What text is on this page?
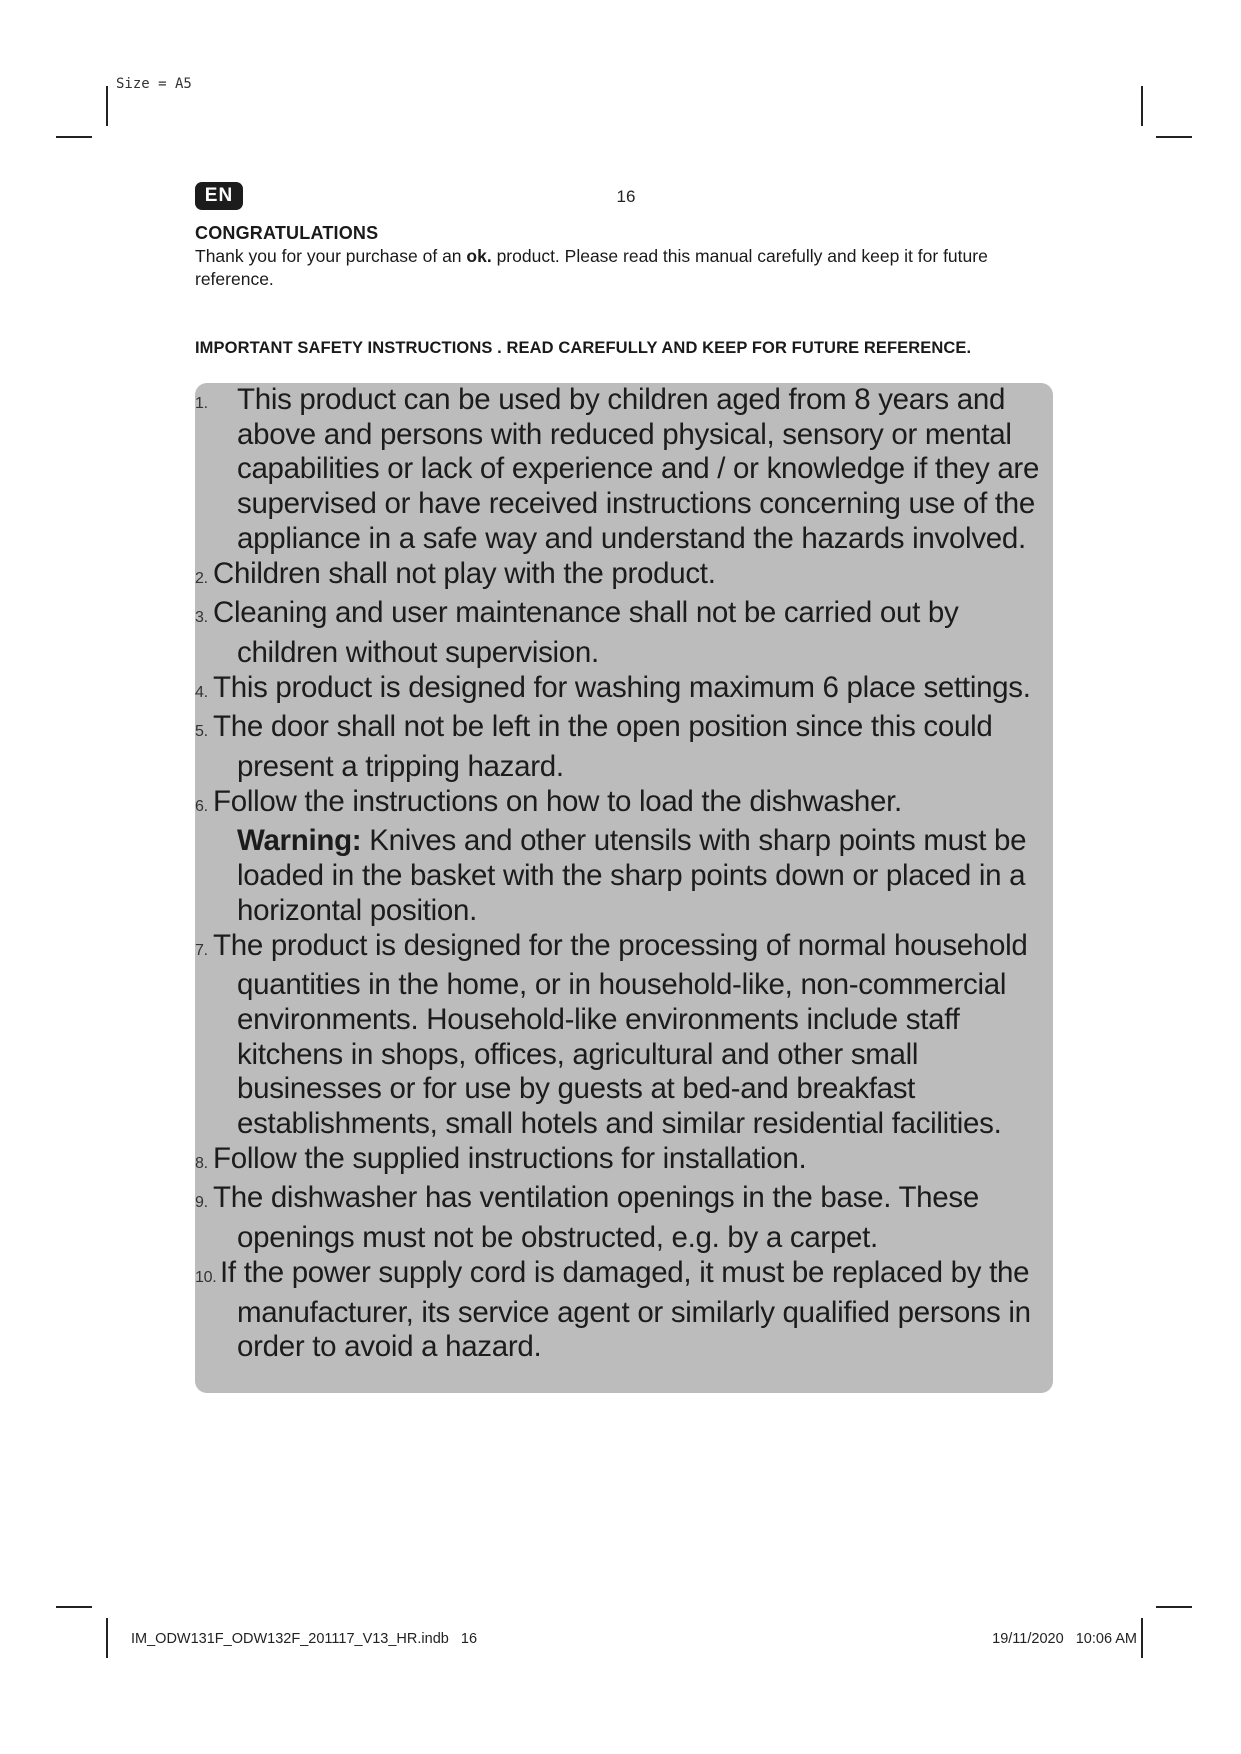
Size = A5
EN	16
CONGRATULATIONS
Thank you for your purchase of an ok. product. Please read this manual carefully and keep it for future reference.
IMPORTANT SAFETY INSTRUCTIONS . READ CAREFULLY AND KEEP FOR FUTURE REFERENCE.
1. This product can be used by children aged from 8 years and above and persons with reduced physical, sensory or mental capabilities or lack of experience and / or knowledge if they are supervised or have received instructions concerning use of the appliance in a safe way and understand the hazards involved.
2. Children shall not play with the product.
3. Cleaning and user maintenance shall not be carried out by children without supervision.
4. This product is designed for washing maximum 6 place settings.
5. The door shall not be left in the open position since this could present a tripping hazard.
6. Follow the instructions on how to load the dishwasher.
Warning: Knives and other utensils with sharp points must be loaded in the basket with the sharp points down or placed in a horizontal position.
7. The product is designed for the processing of normal household quantities in the home, or in household-like, non-commercial environments. Household-like environments include staff kitchens in shops, offices, agricultural and other small businesses or for use by guests at bed-and breakfast establishments, small hotels and similar residential facilities.
8. Follow the supplied instructions for installation.
9. The dishwasher has ventilation openings in the base. These openings must not be obstructed, e.g. by a carpet.
10. If the power supply cord is damaged, it must be replaced by the manufacturer, its service agent or similarly qualified persons in order to avoid a hazard.
IM_ODW131F_ODW132F_201117_V13_HR.indb   16	19/11/2020   10:06 AM
